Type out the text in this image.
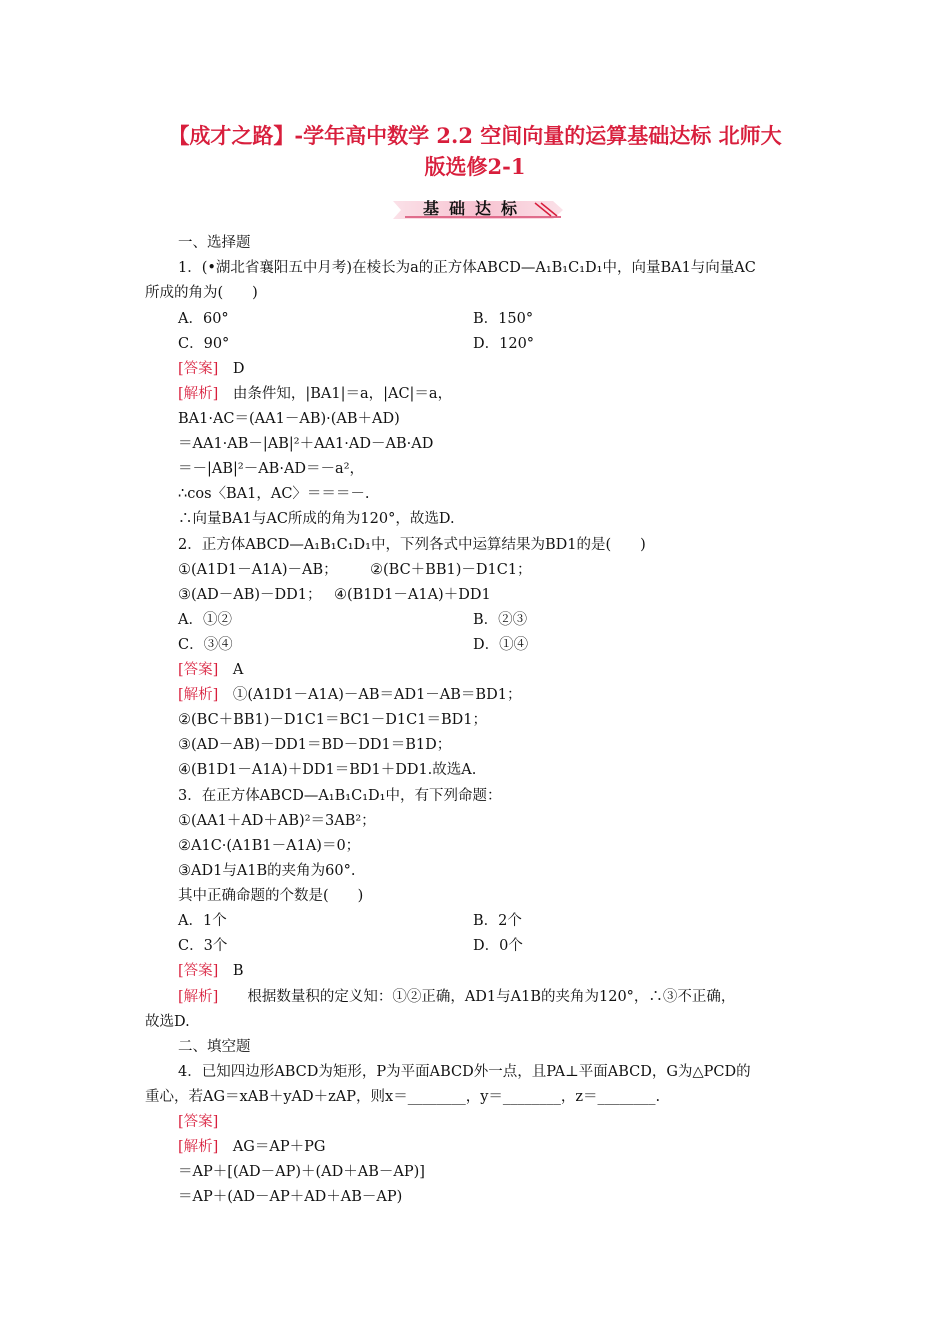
【成才之路】-学年高中数学 2.2 空间向量的运算基础达标 北师大
版选修2-1
基础达标
一、选择题
1．(•湖北省襄阳五中月考)在棱长为a的正方体ABCD—A₁B₁C₁D₁中，向量BA1与向量AC
所成的角为(　　)
A．60°	B．150°
C．90°	D．120°
[答案]　 D
[解析]　 由条件知，|BA1|＝a，|AC|＝a，
BA1·AC＝(AA1－AB)·(AB＋AD)
＝AA1·AB－|AB|²＋AA1·AD－AB·AD
＝－|AB|²－AB·AD＝－a²，
∴cos〈BA1，AC〉＝＝＝－.
∴向量BA1与AC所成的角为120°，故选D.
2．正方体ABCD—A₁B₁C₁D₁中，下列各式中运算结果为BD1的是(　　)
①(A1D1－A1A)－AB； ②(BC＋BB1)－D1C1；
③(AD－AB)－DD1； ④(B1D1－A1A)＋DD1
A．①②	B．②③
C．③④	D．①④
[答案]　 A
[解析]　 ①(A1D1－A1A)－AB＝AD1－AB＝BD1；
②(BC＋BB1)－D1C1＝BC1－D1C1＝BD1；
③(AD－AB)－DD1＝BD－DD1＝B1D；
④(B1D1－A1A)＋DD1＝BD1＋DD1.故选A.
3．在正方体ABCD—A₁B₁C₁D₁中，有下列命题：
①(AA1＋AD＋AB)²＝3AB²；
②A1C·(A1B1－A1A)＝0；
③AD1与A1B的夹角为60°.
其中正确命题的个数是(　　)
A．1个	B．2个
C．3个	D．0个
[答案]　 B
[解析]　　 根据数量积的定义知：①②正确，AD1与A1B的夹角为120°，∴③不正确，
故选D.
二、填空题
4．已知四边形ABCD为矩形，P为平面ABCD外一点，且PA⊥平面ABCD，G为△PCD的
重心，若AG＝xAB＋yAD＋zAP，则x＝________，y＝________，z＝________.
[答案]
[解析]　 AG＝AP＋PG
＝AP＋[(AD－AP)＋(AD＋AB－AP)]
＝AP＋(AD－AP＋AD＋AB－AP)
